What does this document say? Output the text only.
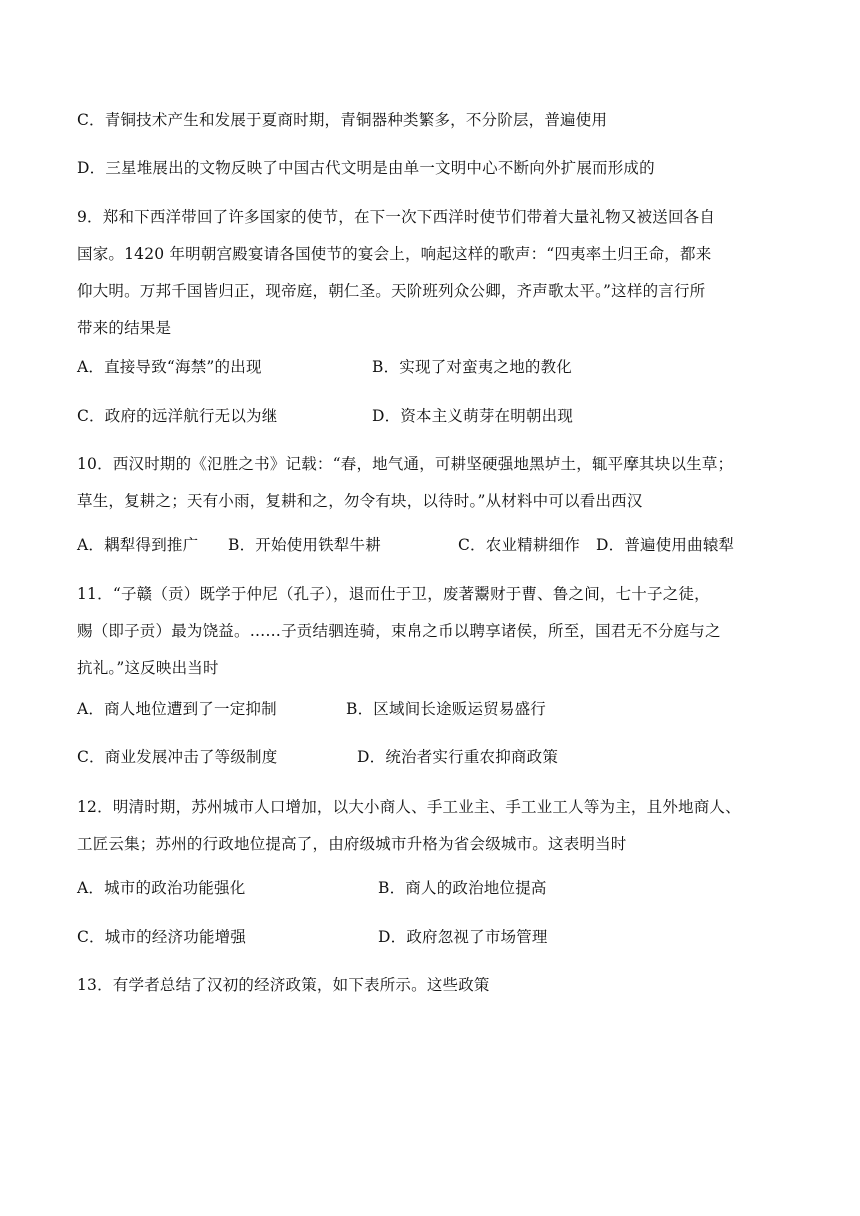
C．青铜技术产生和发展于夏商时期，青铜器种类繁多，不分阶层，普遍使用
D．三星堆展出的文物反映了中国古代文明是由单一文明中心不断向外扩展而形成的
9．郑和下西洋带回了许多国家的使节，在下一次下西洋时使节们带着大量礼物又被送回各自
国家。1420 年明朝宫殿宴请各国使节的宴会上，响起这样的歌声：“四夷率土归王命，都来
仰大明。万邦千国皆归正，现帝庭，朝仁圣。天阶班列众公卿，齐声歌太平。”这样的言行所
带来的结果是
A．直接导致“海禁”的出现	B．实现了对蛮夷之地的教化
C．政府的远洋航行无以为继	D．资本主义萌芽在明朝出现
10．西汉时期的《氾胜之书》记载：“春，地气通，可耕坚硬强地黑垆土，辄平摩其块以生草；
草生，复耕之；天有小雨，复耕和之，勿令有块，以待时。”从材料中可以看出西汉
A．耦犁得到推广 B．开始使用铁犁牛耕	C．农业精耕细作 D．普遍使用曲辕犁
11．“子赣（贡）既学于仲尼（孔子），退而仕于卫，废著鬻财于曹、鲁之间，七十子之徒，
赐（即子贡）最为饶益。……子贡结驷连骑，束帛之币以聘享诸侯，所至，国君无不分庭与之
抗礼。”这反映出当时
A．商人地位遭到了一定抑制	B．区域间长途贩运贸易盛行
C．商业发展冲击了等级制度	D．统治者实行重农抑商政策
12．明清时期，苏州城市人口增加，以大小商人、手工业主、手工业工人等为主，且外地商人、
工匠云集；苏州的行政地位提高了，由府级城市升格为省会级城市。这表明当时
A．城市的政治功能强化	B．商人的政治地位提高
C．城市的经济功能增强	D．政府忽视了市场管理
13．有学者总结了汉初的经济政策，如下表所示。这些政策
